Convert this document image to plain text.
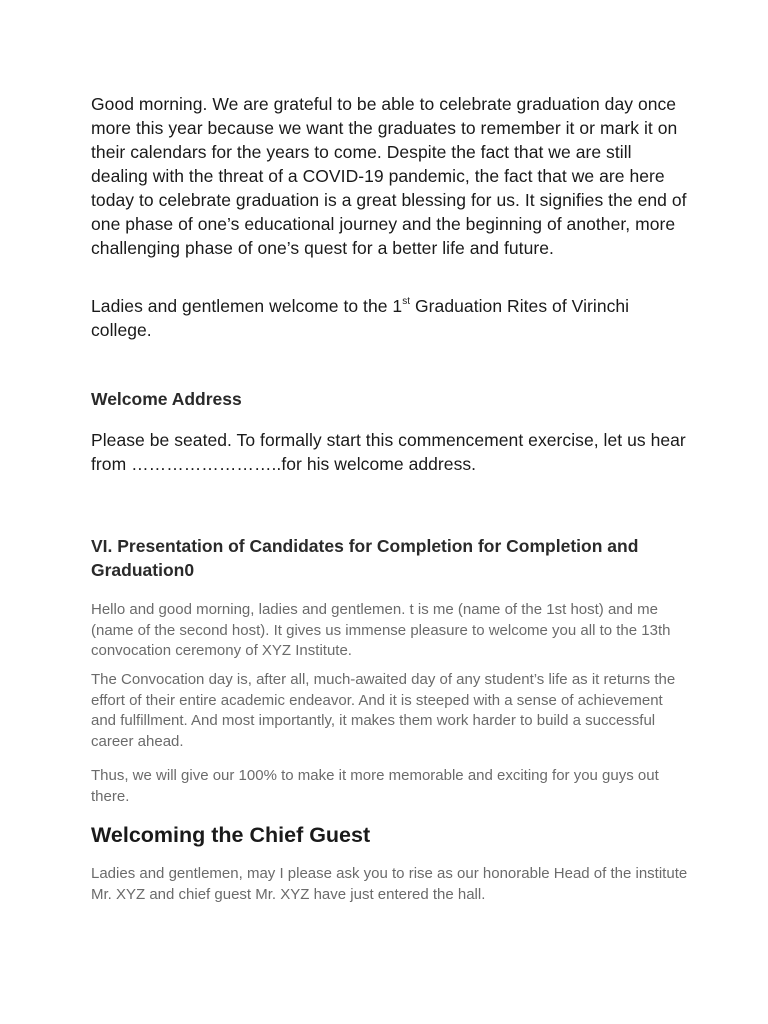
Good morning. We are grateful to be able to celebrate graduation day once more this year because we want the graduates to remember it or mark it on their calendars for the years to come. Despite the fact that we are still dealing with the threat of a COVID-19 pandemic, the fact that we are here today to celebrate graduation is a great blessing for us. It signifies the end of one phase of one’s educational journey and the beginning of another, more challenging phase of one’s quest for a better life and future.

Ladies and gentlemen welcome to the 1st Graduation Rites of Virinchi college.

Welcome Address

Please be seated. To formally start this commencement exercise, let us hear from ……………………..for his welcome address.

VI. Presentation of Candidates for Completion for Completion and Graduation0

Hello and good morning, ladies and gentlemen. t is me (name of the 1st host) and me (name of the second host). It gives us immense pleasure to welcome you all to the 13th convocation ceremony of XYZ Institute.

The Convocation day is, after all, much-awaited day of any student’s life as it returns the effort of their entire academic endeavor. And it is steeped with a sense of achievement and fulfillment. And most importantly, it makes them work harder to build a successful career ahead.

Thus, we will give our 100% to make it more memorable and exciting for you guys out there.

Welcoming the Chief Guest

Ladies and gentlemen, may I please ask you to rise as our honorable Head of the institute Mr. XYZ and chief guest Mr. XYZ have just entered the hall.
